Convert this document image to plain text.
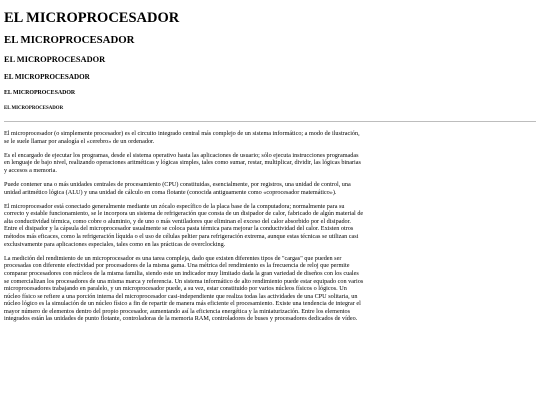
EL MICROPROCESADOR
EL MICROPROCESADOR
EL MICROPROCESADOR
EL MICROPROCESADOR
EL MICROPROCESADOR
EL MICROPROCESADOR

El microprocesador (o simplemente procesador) es el circuito integrado central más complejo de un sistema informático; a modo de ilustración, se le suele llamar por analogía el «cerebro» de un ordenador.

Es el encargado de ejecutar los programas, desde el sistema operativo hasta las aplicaciones de usuario; sólo ejecuta instrucciones programadas en lenguaje de bajo nivel, realizando operaciones aritméticas y lógicas simples, tales como sumar, restar, multiplicar, dividir, las lógicas binarias y accesos a memoria.

Puede contener una o más unidades centrales de procesamiento (CPU) constituidas, esencialmente, por registros, una unidad de control, una unidad aritmético lógica (ALU) y una unidad de cálculo en coma flotante (conocida antiguamente como «coprocesador matemático»).

El microprocesador está conectado generalmente mediante un zócalo específico de la placa base de la computadora; normalmente para su correcto y estable funcionamiento, se le incorpora un sistema de refrigeración que consta de un disipador de calor, fabricado de algún material de alta conductividad térmica, como cobre o aluminio, y de uno o más ventiladores que eliminan el exceso del calor absorbido por el disipador. Entre el disipador y la cápsula del microprocesador usualmente se coloca pasta térmica para mejorar la conductividad del calor. Existen otros métodos más eficaces, como la refrigeración líquida o el uso de células peltier para refrigeración extrema, aunque estas técnicas se utilizan casi exclusivamente para aplicaciones especiales, tales como en las prácticas de overclocking.

La medición del rendimiento de un microprocesador es una tarea compleja, dado que existen diferentes tipos de "cargas" que pueden ser procesadas con diferente efectividad por procesadores de la misma gama. Una métrica del rendimiento es la frecuencia de reloj que permite comparar procesadores con núcleos de la misma familia, siendo este un indicador muy limitado dada la gran variedad de diseños con los cuales se comercializan los procesadores de una misma marca y referencia. Un sistema informático de alto rendimiento puede estar equipado con varios microprocesadores trabajando en paralelo, y un microprocesador puede, a su vez, estar constituido por varios núcleos físicos o lógicos. Un núcleo físico se refiere a una porción interna del microprocesador casi-independiente que realiza todas las actividades de una CPU solitaria, un núcleo lógico es la simulación de un núcleo físico a fin de repartir de manera más eficiente el procesamiento. Existe una tendencia de integrar el mayor número de elementos dentro del propio procesador, aumentando así la eficiencia energética y la miniaturización. Entre los elementos integrados están las unidades de punto flotante, controladoras de la memoria RAM, controladores de buses y procesadores dedicados de vídeo.
